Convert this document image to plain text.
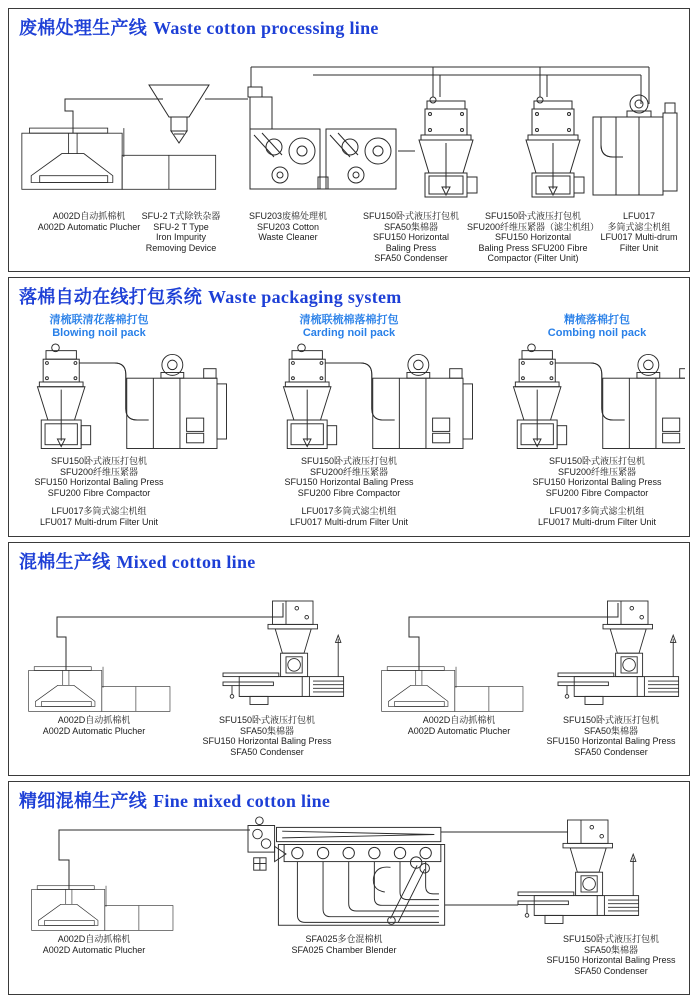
废棉处理生产线 Waste cotton processing line
A002D自动抓棉机
A002D Automatic Plucher
SFU-2 T式除铁杂器
SFU-2 T Type
Iron Impurity
Removing Device
SFU203废棉处理机
SFU203 Cotton
Waste Cleaner
SFU150卧式液压打包机
SFA50集棉器
SFU150 Horizontal
Baling Press
SFA50 Condenser
SFU150卧式液压打包机
SFU200纤维压紧器（滤尘机组）
SFU150 Horizontal
Baling Press SFU200 Fibre
Compactor (Filter Unit)
LFU017
多筒式滤尘机组
LFU017 Multi-drum
Filter Unit
落棉自动在线打包系统 Waste packaging system
清梳联清花落棉打包
Blowing noil pack
清梳联梳棉落棉打包
Carding noil pack
精梳落棉打包
Combing noil pack
SFU150卧式液压打包机
SFU200纤维压紧器
SFU150 Horizontal Baling Press
SFU200 Fibre Compactor
SFU150卧式液压打包机
SFU200纤维压紧器
SFU150 Horizontal Baling Press
SFU200 Fibre Compactor
SFU150卧式液压打包机
SFU200纤维压紧器
SFU150 Horizontal Baling Press
SFU200 Fibre Compactor
LFU017多筒式滤尘机组
LFU017 Multi-drum Filter Unit
LFU017多筒式滤尘机组
LFU017 Multi-drum Filter Unit
LFU017多筒式滤尘机组
LFU017 Multi-drum Filter Unit
混棉生产线 Mixed cotton line
A002D自动抓棉机
A002D Automatic Plucher
SFU150卧式液压打包机
SFA50集棉器
SFU150 Horizontal Baling Press
SFA50 Condenser
A002D自动抓棉机
A002D Automatic Plucher
SFU150卧式液压打包机
SFA50集棉器
SFU150 Horizontal Baling Press
SFA50 Condenser
精细混棉生产线 Fine mixed cotton line
A002D自动抓棉机
A002D Automatic Plucher
SFA025多仓混棉机
SFA025 Chamber Blender
SFU150卧式液压打包机
SFA50集棉器
SFU150 Horizontal Baling Press
SFA50 Condenser
